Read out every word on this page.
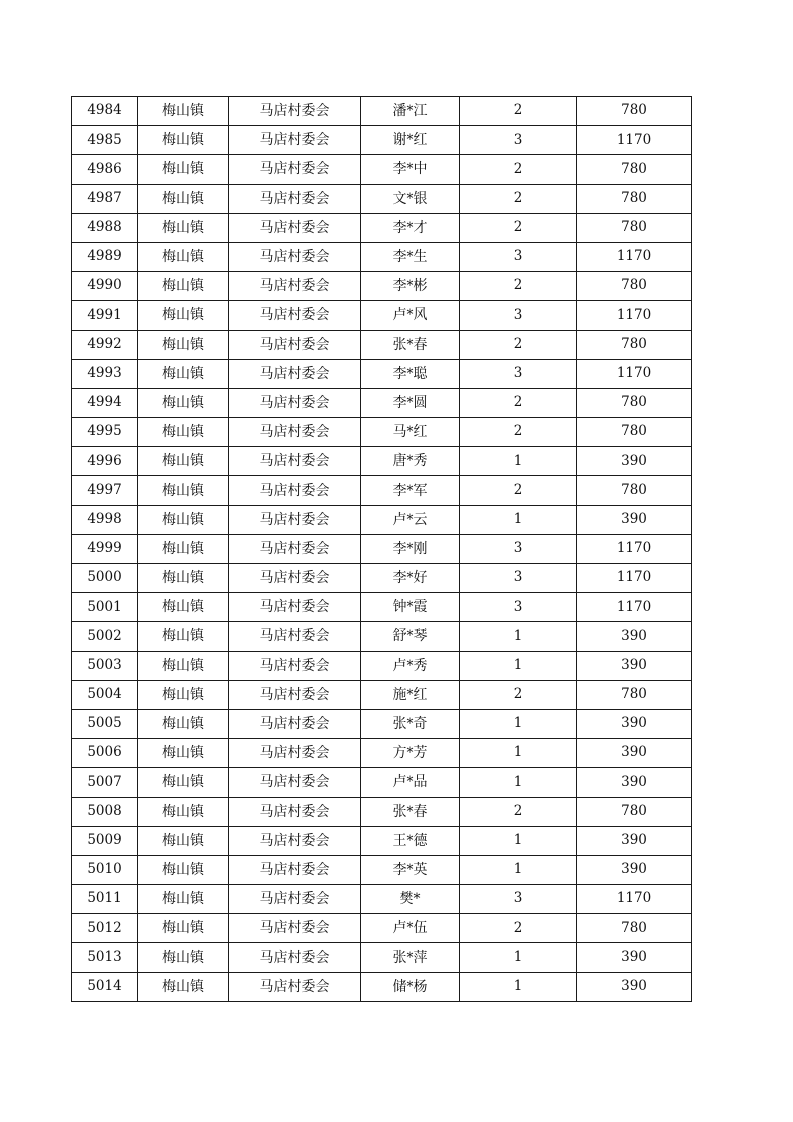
4984	梅山镇	马店村委会	潘*江	2	780
4985	梅山镇	马店村委会	谢*红	3	1170
4986	梅山镇	马店村委会	李*中	2	780
4987	梅山镇	马店村委会	文*银	2	780
4988	梅山镇	马店村委会	李*才	2	780
4989	梅山镇	马店村委会	李*生	3	1170
4990	梅山镇	马店村委会	李*彬	2	780
4991	梅山镇	马店村委会	卢*风	3	1170
4992	梅山镇	马店村委会	张*春	2	780
4993	梅山镇	马店村委会	李*聪	3	1170
4994	梅山镇	马店村委会	李*圆	2	780
4995	梅山镇	马店村委会	马*红	2	780
4996	梅山镇	马店村委会	唐*秀	1	390
4997	梅山镇	马店村委会	李*军	2	780
4998	梅山镇	马店村委会	卢*云	1	390
4999	梅山镇	马店村委会	李*刚	3	1170
5000	梅山镇	马店村委会	李*好	3	1170
5001	梅山镇	马店村委会	钟*霞	3	1170
5002	梅山镇	马店村委会	舒*琴	1	390
5003	梅山镇	马店村委会	卢*秀	1	390
5004	梅山镇	马店村委会	施*红	2	780
5005	梅山镇	马店村委会	张*奇	1	390
5006	梅山镇	马店村委会	方*芳	1	390
5007	梅山镇	马店村委会	卢*品	1	390
5008	梅山镇	马店村委会	张*春	2	780
5009	梅山镇	马店村委会	王*德	1	390
5010	梅山镇	马店村委会	李*英	1	390
5011	梅山镇	马店村委会	樊*	3	1170
5012	梅山镇	马店村委会	卢*伍	2	780
5013	梅山镇	马店村委会	张*萍	1	390
5014	梅山镇	马店村委会	储*杨	1	390
